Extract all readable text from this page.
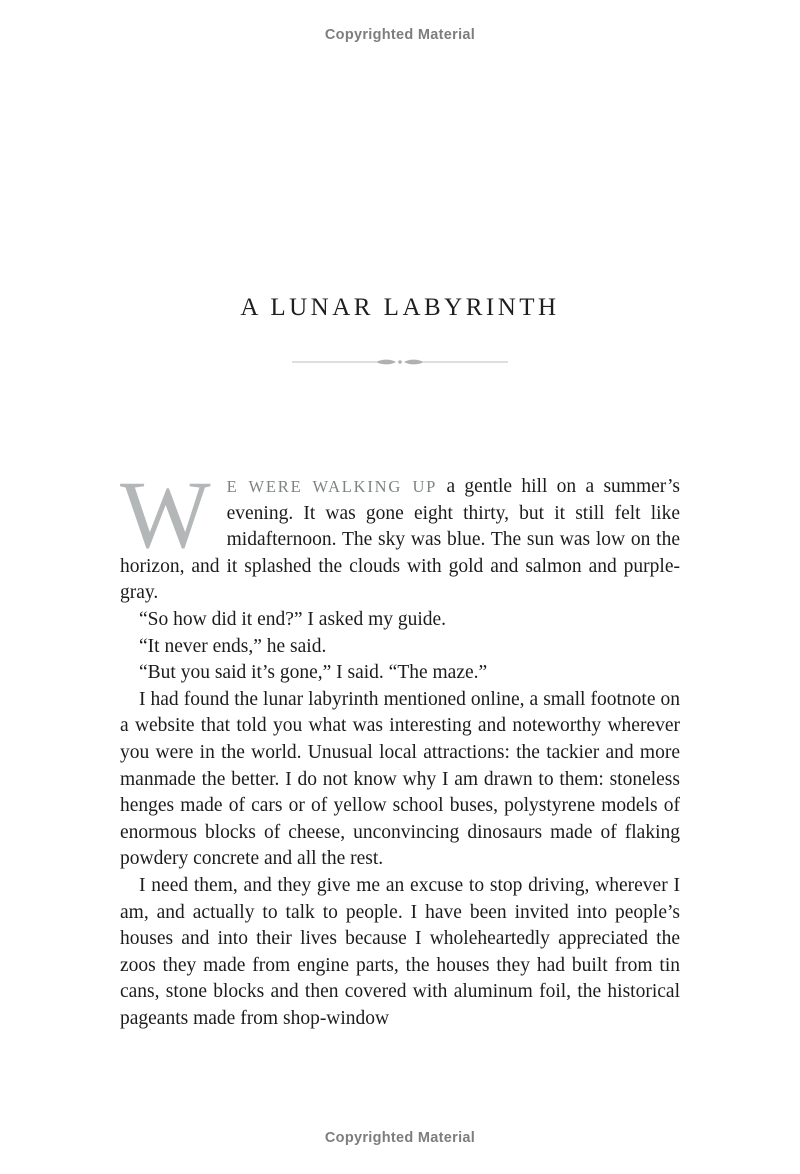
Copyrighted Material
A LUNAR LABYRINTH

W E WERE WALKING UP a gentle hill on a summer’s evening. It was gone eight thirty, but it still felt like midafternoon. The sky was blue. The sun was low on the horizon, and it splashed the clouds with gold and salmon and purple-gray.

“So how did it end?” I asked my guide.

“It never ends,” he said.

“But you said it’s gone,” I said. “The maze.”

I had found the lunar labyrinth mentioned online, a small footnote on a website that told you what was interesting and noteworthy wherever you were in the world. Unusual local attractions: the tackier and more manmade the better. I do not know why I am drawn to them: stoneless henges made of cars or of yellow school buses, polystyrene models of enormous blocks of cheese, unconvincing dinosaurs made of flaking powdery concrete and all the rest.

I need them, and they give me an excuse to stop driving, wherever I am, and actually to talk to people. I have been invited into people’s houses and into their lives because I wholeheartedly appreciated the zoos they made from engine parts, the houses they had built from tin cans, stone blocks and then covered with aluminum foil, the historical pageants made from shop-window

Copyrighted Material
